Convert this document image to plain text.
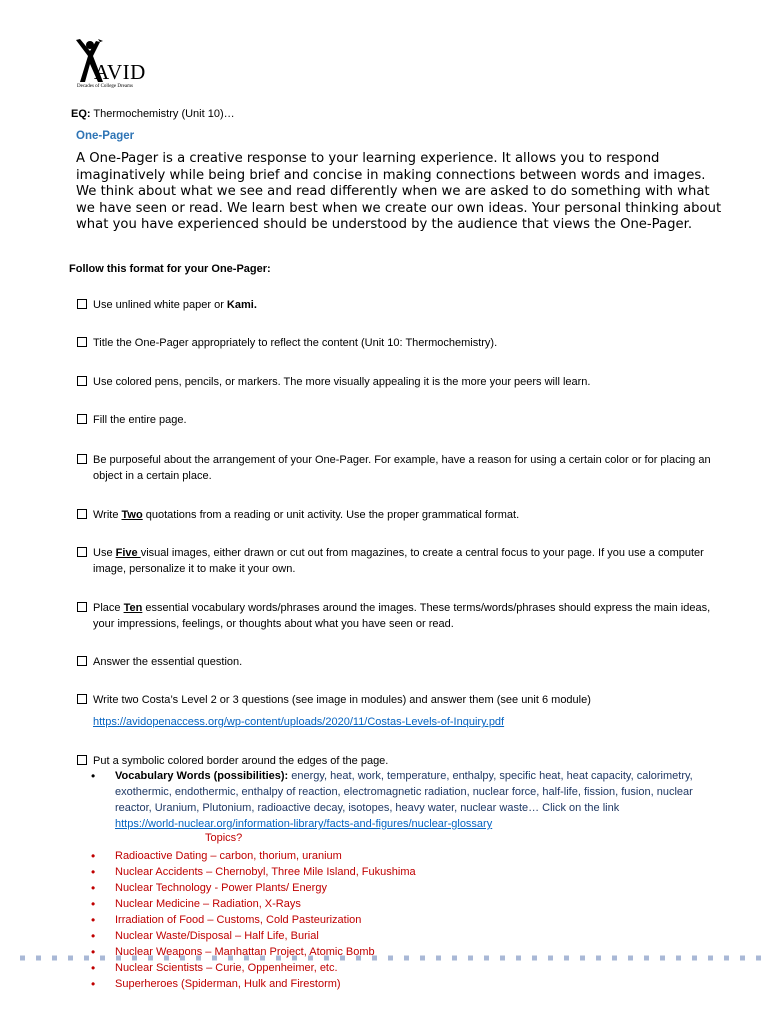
AVID
Decades of College Dreams
EQ: Thermochemistry (Unit 10)…
One-Pager
A One-Pager is a creative response to your learning experience. It allows you to respond imaginatively while being brief and concise in making connections between words and images. We think about what we see and read differently when we are asked to do something with what we have seen or read. We learn best when we create our own ideas. Your personal thinking about what you have experienced should be understood by the audience that views the One-Pager.
Follow this format for your One-Pager:
Use unlined white paper or Kami.
Title the One-Pager appropriately to reflect the content (Unit 10: Thermochemistry).
Use colored pens, pencils, or markers. The more visually appealing it is the more your peers will learn.
Fill the entire page.
Be purposeful about the arrangement of your One-Pager. For example, have a reason for using a certain color or for placing an object in a certain place.
Write Two quotations from a reading or unit activity. Use the proper grammatical format.
Use Five visual images, either drawn or cut out from magazines, to create a central focus to your page. If you use a computer image, personalize it to make it your own.
Place Ten essential vocabulary words/phrases around the images. These terms/words/phrases should express the main ideas, your impressions, feelings, or thoughts about what you have seen or read.
Answer the essential question.
Write two Costa’s Level 2 or 3 questions (see image in modules) and answer them (see unit 6 module)
https://avidopenaccess.org/wp-content/uploads/2020/11/Costas-Levels-of-Inquiry.pdf
Put a symbolic colored border around the edges of the page.
• Vocabulary Words (possibilities): energy, heat, work, temperature, enthalpy, specific heat, heat capacity, calorimetry, exothermic, endothermic, enthalpy of reaction, electromagnetic radiation, nuclear force, half-life, fission, fusion, nuclear reactor, Uranium, Plutonium, radioactive decay, isotopes, heavy water, nuclear waste… Click on the link
https://world-nuclear.org/information-library/facts-and-figures/nuclear-glossary
• Radioactive Dating – carbon, thorium, uranium
• Nuclear Accidents – Chernobyl, Three Mile Island, Fukushima
• Nuclear Technology - Power Plants/ Energy
• Nuclear Medicine – Radiation, X-Rays
• Irradiation of Food – Customs, Cold Pasteurization
• Nuclear Waste/Disposal – Half Life, Burial
• Nuclear Weapons – Manhattan Project, Atomic Bomb
• Nuclear Scientists – Curie, Oppenheimer, etc.
• Superheroes (Spiderman, Hulk and Firestorm)
Topics?
